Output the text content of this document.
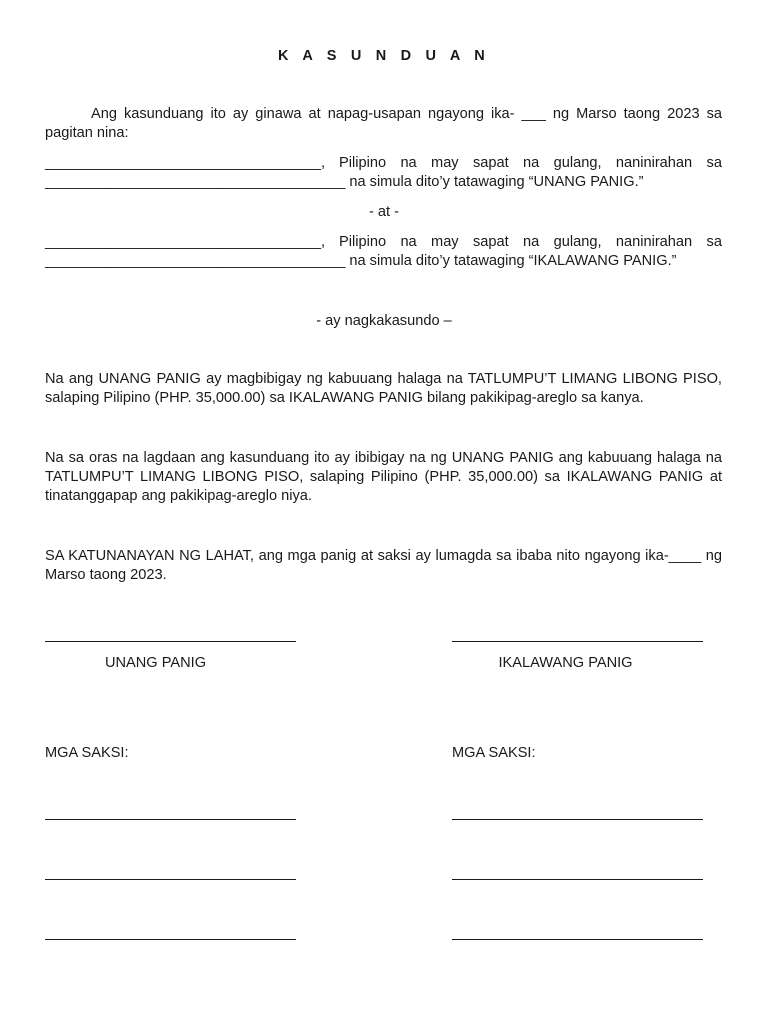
K A S U N D U A N
Ang kasunduang ito ay ginawa at napag-usapan ngayong ika- ___ ng Marso taong 2023 sa pagitan nina:
__________________________________, Pilipino na may sapat na gulang, naninirahan sa
_____________________________________ na simula dito’y tatawaging “UNANG PANIG.”
- at -
__________________________________, Pilipino na may sapat na gulang, naninirahan sa
_____________________________________ na simula dito’y tatawaging “IKALAWANG PANIG.”
- ay nagkakasundo –
Na ang UNANG PANIG ay magbibigay ng kabuuang halaga na TATLUMPU’T LIMANG LIBONG PISO, salaping Pilipino (PHP. 35,000.00) sa IKALAWANG PANIG bilang pakikipag-areglo sa kanya.
Na sa oras na lagdaan ang kasunduang ito ay ibibigay na ng UNANG PANIG ang kabuuang halaga na TATLUMPU’T LIMANG LIBONG PISO, salaping Pilipino (PHP. 35,000.00) sa IKALAWANG PANIG at tinatanggapap ang pakikipag-areglo niya.
SA KATUNANAYAN NG LAHAT, ang mga panig at saksi ay lumagda sa ibaba nito ngayong ika-____ ng Marso taong 2023.
UNANG PANIG	IKALAWANG PANIG
MGA SAKSI:	MGA SAKSI:
